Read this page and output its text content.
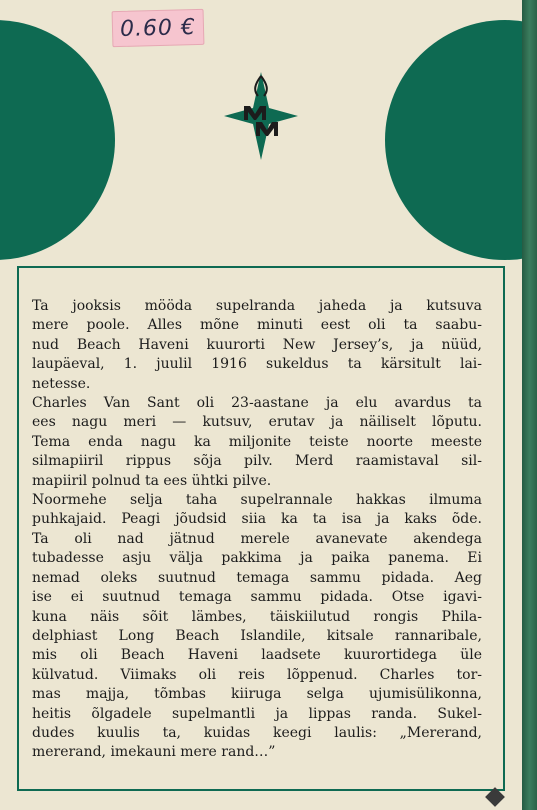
0.60 €

Ta jooksis mööda supelranda jaheda ja kutsuva
mere poole. Alles mõne minuti eest oli ta saabu-
nud Beach Haveni kuurorti New Jersey’s, ja nüüd,
laupäeval, 1. juulil 1916 sukeldus ta kärsitult lai-
netesse.

Charles Van Sant oli 23-aastane ja elu avardus ta
ees nagu meri — kutsuv, erutav ja näiliselt lõputu.
Tema enda nagu ka miljonite teiste noorte meeste
silmapiiril rippus sõja pilv. Merd raamistaval sil-
mapiiril polnud ta ees ühtki pilve.

Noormehe selja taha supelrannale hakkas ilmuma
puhkajaid. Peagi jõudsid siia ka ta isa ja kaks õde.
Ta oli nad jätnud merele avanevate akendega
tubadesse asju välja pakkima ja paika panema. Ei
nemad oleks suutnud temaga sammu pidada. Aeg
ise ei suutnud temaga sammu pidada. Otse igavi-
kuna näis sõit lämbes, täiskiilutud rongis Phila-
delphiast Long Beach Islandile, kitsale rannaribale,
mis oli Beach Haveni laadsete kuurortidega üle
külvatud. Viimaks oli reis lõppenud. Charles tor-
mas majja, tõmbas kiiruga selga ujumisülikonna,
heitis õlgadele supelmantli ja lippas randa. Sukel-
dudes kuulis ta, kuidas keegi laulis: „Mererand,
mererand, imekauni mere rand…”
